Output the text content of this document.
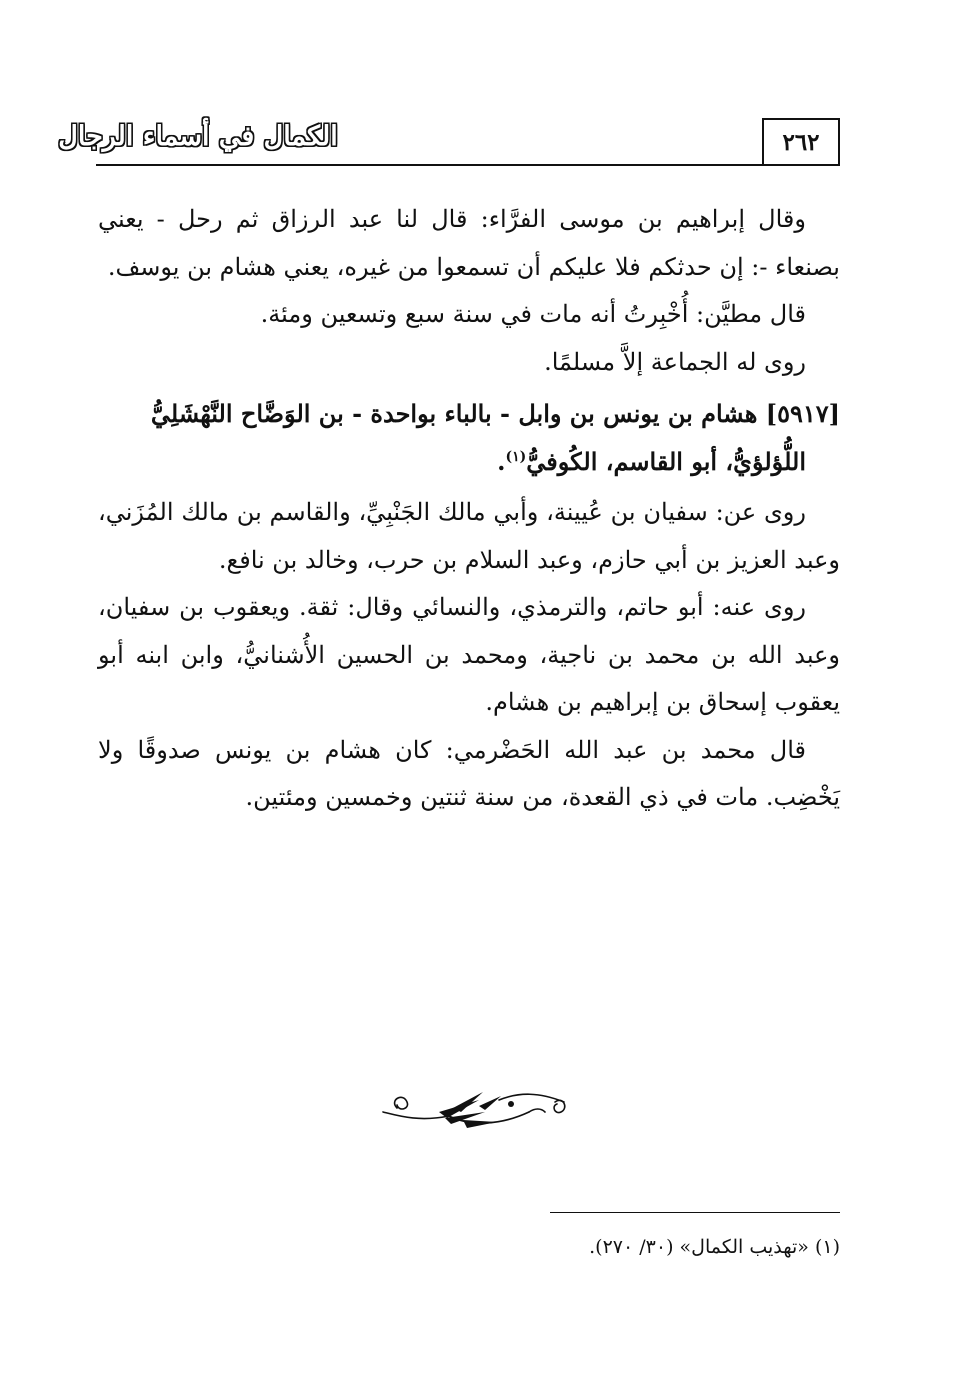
الكمال في أسماء الرجال	٢٦٢

وقال إبراهيم بن موسى الفرَّاء: قال لنا عبد الرزاق ثم رحل - يعني بصنعاء -: إن حدثكم فلا عليكم أن تسمعوا من غيره، يعني هشام بن يوسف.

قال مطيَّن: أُخْبِرتُ أنه مات في سنة سبع وتسعين ومئة.

روى له الجماعة إلاَّ مسلمًا.

[٥٩١٧] هشام بن يونس بن وابل - بالباء بواحدة - بن الوَضَّاح النَّهْشَلِيُّ
اللُّؤلؤيُّ، أبو القاسم، الكُوفيُّ$^{(١)}$.

روى عن: سفيان بن عُيينة، وأبي مالك الجَنْبِيِّ، والقاسم بن مالك المُزَني، وعبد العزيز بن أبي حازم، وعبد السلام بن حرب، وخالد بن نافع.

روى عنه: أبو حاتم، والترمذي، والنسائي وقال: ثقة. ويعقوب بن سفيان، وعبد الله بن محمد بن ناجية، ومحمد بن الحسين الأُشنانيُّ، وابن ابنه أبو يعقوب إسحاق بن إبراهيم بن هشام.

قال محمد بن عبد الله الحَضْرمي: كان هشام بن يونس صدوقًا ولا يَخْضِب. مات في ذي القعدة، من سنة ثنتين وخمسين ومئتين.

(١) «تهذيب الكمال» (٣٠/ ٢٧٠).
